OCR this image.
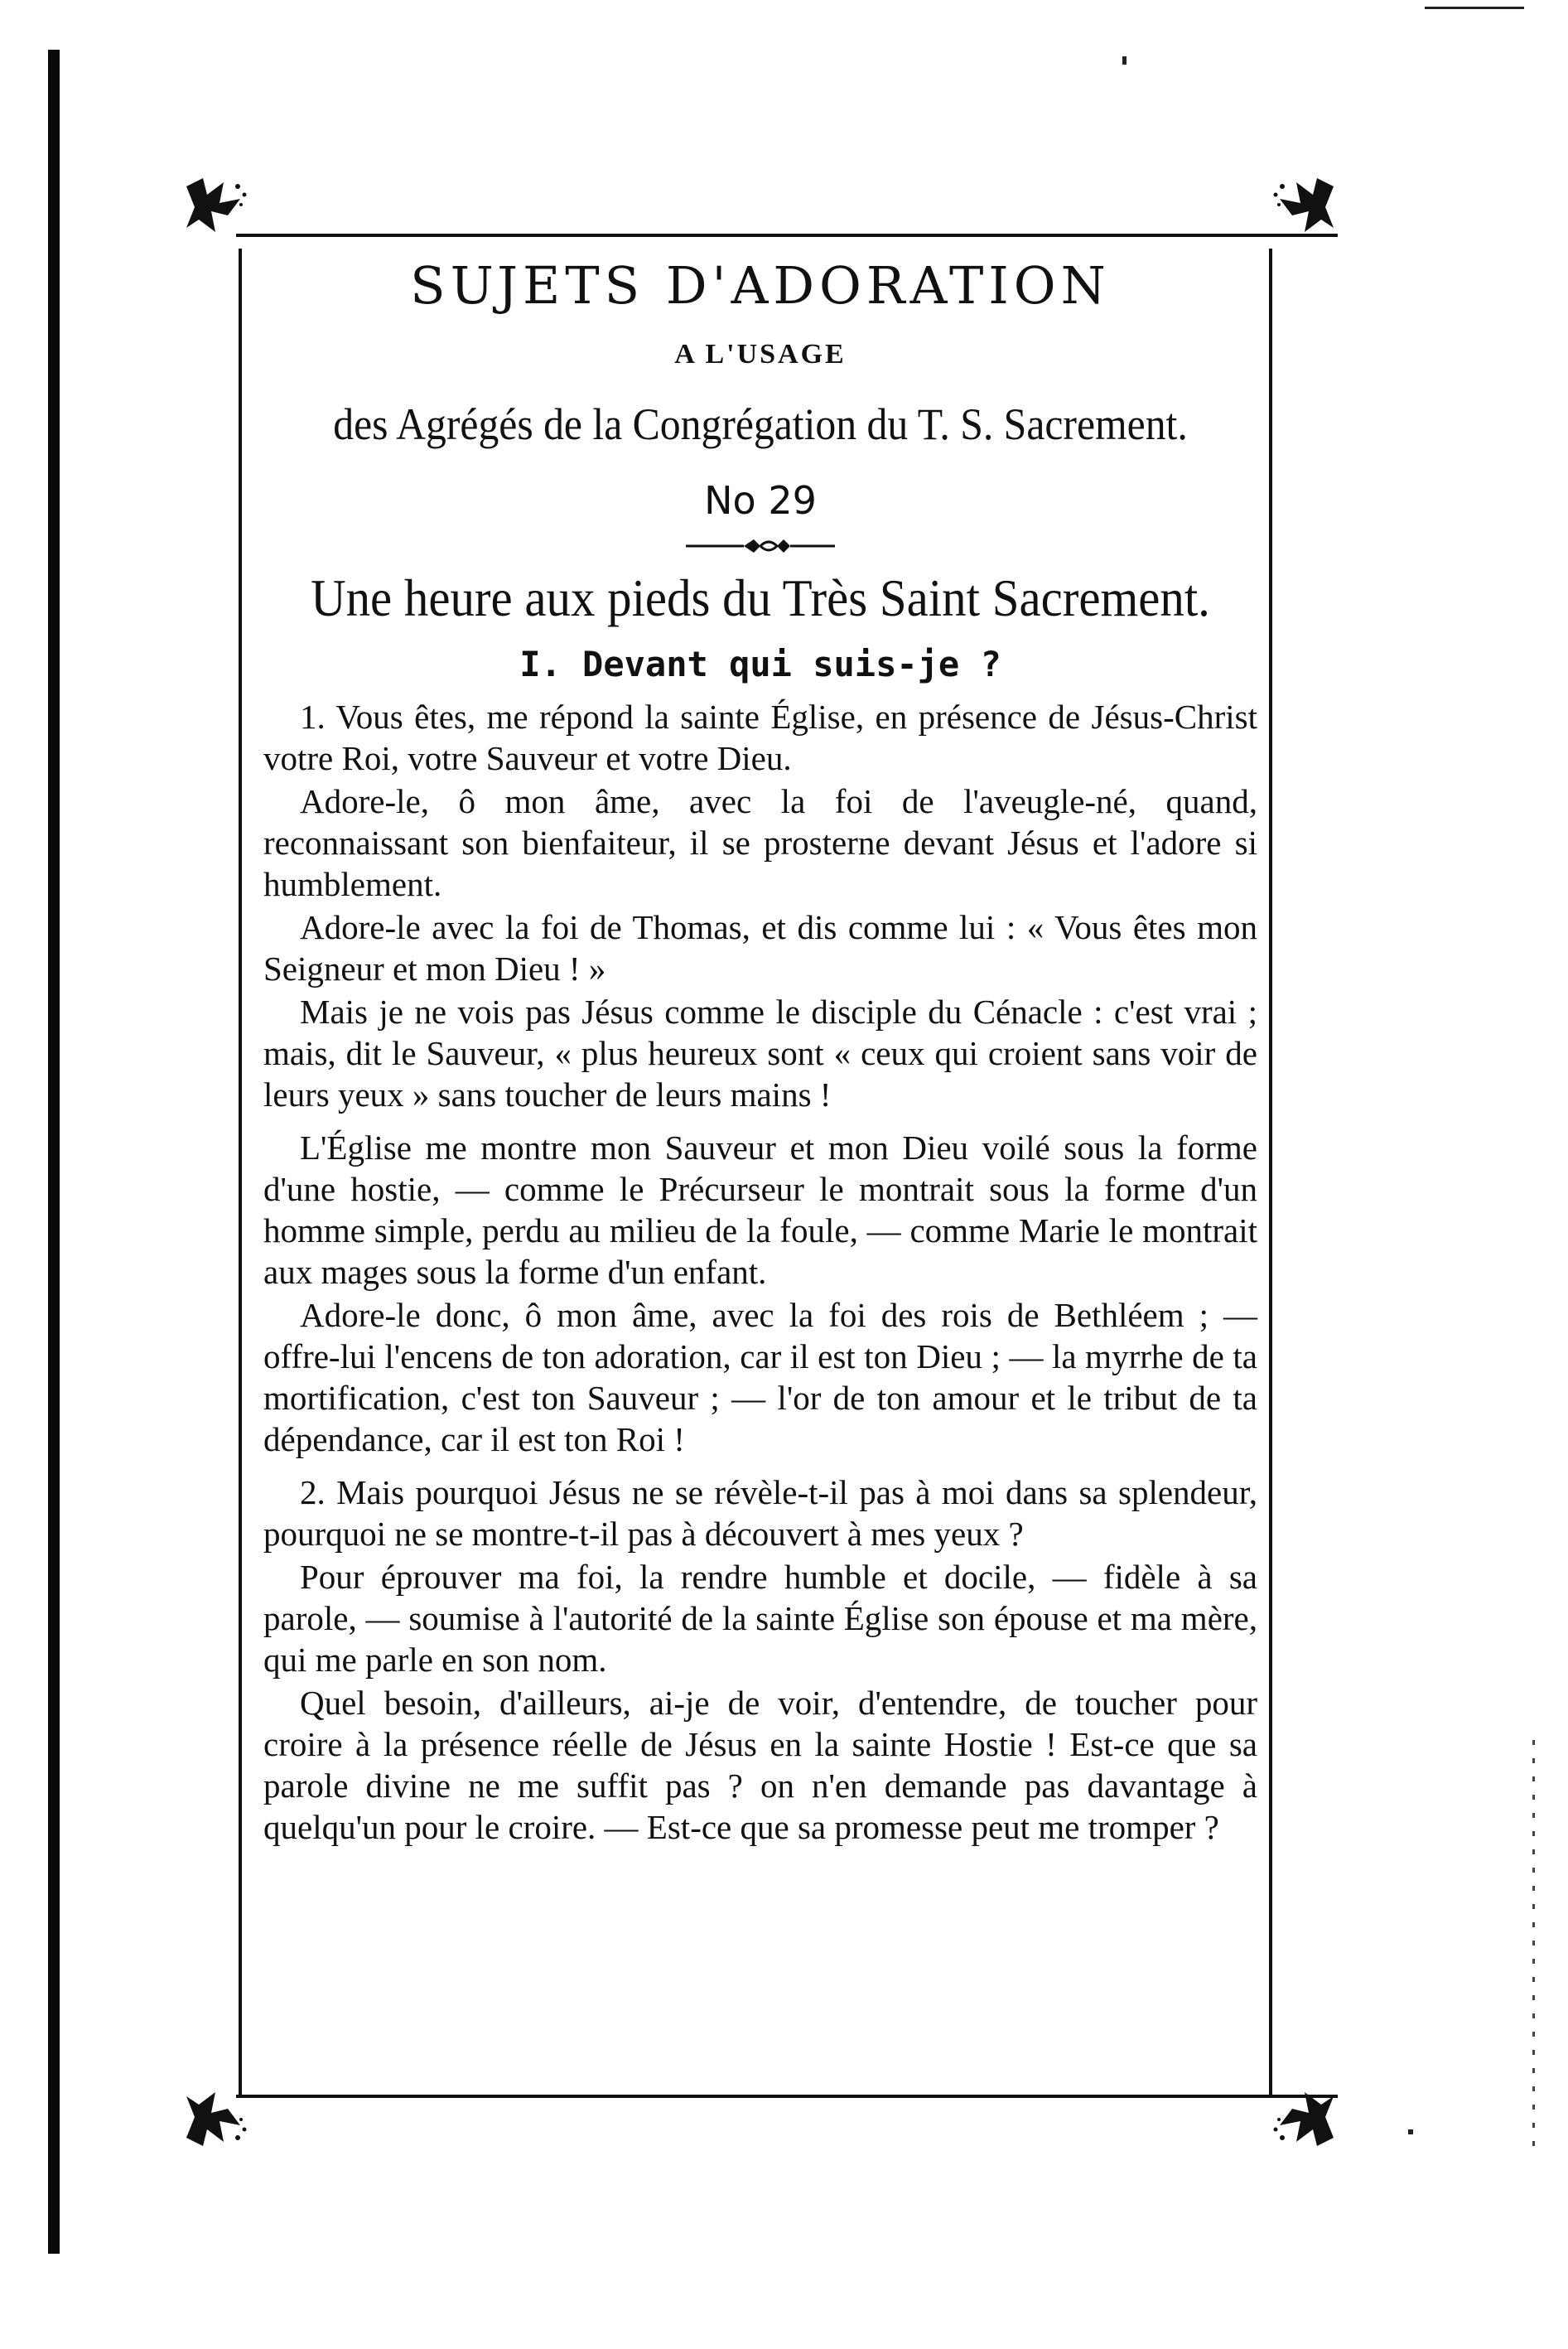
SUJETS D'ADORATION
A L'USAGE
des Agrégés de la Congrégation du T. S. Sacrement.
No 29
Une heure aux pieds du Très Saint Sacrement.
I. Devant qui suis-je ?

1. Vous êtes, me répond la sainte Église, en présence de Jésus-Christ votre Roi, votre Sauveur et votre Dieu.

Adore-le, ô mon âme, avec la foi de l'aveugle-né, quand, reconnaissant son bienfaiteur, il se prosterne devant Jésus et l'adore si humblement.

Adore-le avec la foi de Thomas, et dis comme lui : « Vous êtes mon Seigneur et mon Dieu ! »

Mais je ne vois pas Jésus comme le disciple du Cénacle : c'est vrai ; mais, dit le Sauveur, « plus heureux sont « ceux qui croient sans voir de leurs yeux » sans toucher de leurs mains !

L'Église me montre mon Sauveur et mon Dieu voilé sous la forme d'une hostie, — comme le Précurseur le montrait sous la forme d'un homme simple, perdu au milieu de la foule, — comme Marie le montrait aux mages sous la forme d'un enfant.

Adore-le donc, ô mon âme, avec la foi des rois de Bethléem ; — offre-lui l'encens de ton adoration, car il est ton Dieu ; — la myrrhe de ta mortification, c'est ton Sauveur ; — l'or de ton amour et le tribut de ta dépendance, car il est ton Roi !

2. Mais pourquoi Jésus ne se révèle-t-il pas à moi dans sa splendeur, pourquoi ne se montre-t-il pas à découvert à mes yeux ?

Pour éprouver ma foi, la rendre humble et docile, — fidèle à sa parole, — soumise à l'autorité de la sainte Église son épouse et ma mère, qui me parle en son nom.

Quel besoin, d'ailleurs, ai-je de voir, d'entendre, de toucher pour croire à la présence réelle de Jésus en la sainte Hostie ! Est-ce que sa parole divine ne me suffit pas ? on n'en demande pas davantage à quelqu'un pour le croire. — Est-ce que sa promesse peut me tromper ?
